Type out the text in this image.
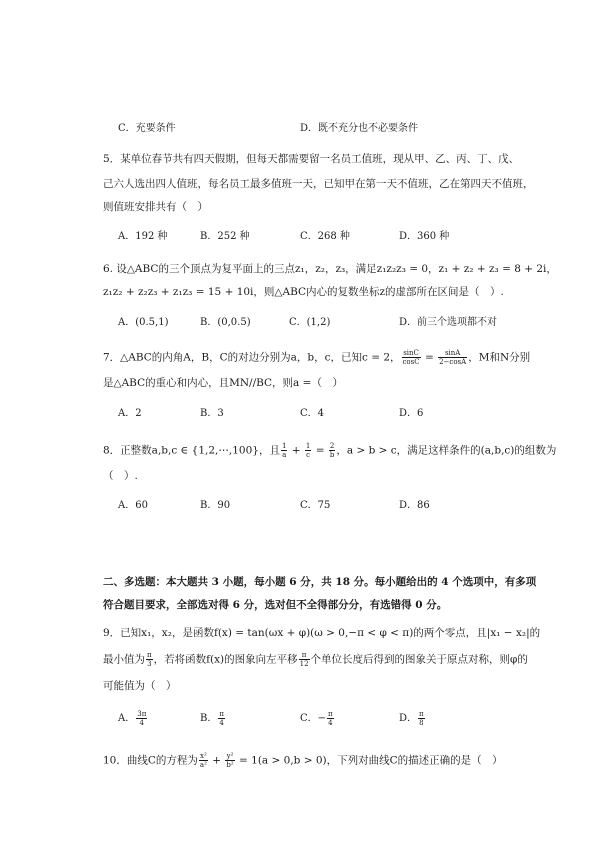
C．充要条件	D．既不充分也不必要条件
5．某单位春节共有四天假期，但每天都需要留一名员工值班，现从甲、乙、丙、丁、戊、
己六人选出四人值班，每名员工最多值班一天，已知甲在第一天不值班，乙在第四天不值班，
则值班安排共有（　）
A．192 种	B．252 种	C．268 种	D．360 种
6. 设△ABC的三个顶点为复平面上的三点z₁，z₂，z₃，满足z₁z₂z₃ = 0，z₁ + z₂ + z₃ = 8 + 2i，
z₁z₂ + z₂z₃ + z₁z₃ = 15 + 10i，则△ABC内心的复数坐标z的虚部所在区间是（　）.
A．(0.5,1)	B．(0,0.5)	C．(1,2)	D．前三个选项都不对
7．△ABC的内角A，B，C的对边分别为a，b，c，已知c = 2， $\frac{\sin C}{\cos C} = \frac{\sin A}{2-\cos A}$ ，M和N分别
是△ABC的重心和内心，且MN//BC，则a =（　）
A．2	B．3	C．4	D．6
8．正整数a,b,c ∈ {1,2,⋯,100}，且 $\frac{1}{a} + \frac{1}{c} = \frac{2}{b}$ ，a > b > c，满足这样条件的(a,b,c)的组数为
（　）.
A．60	B．90	C．75	D．86
二、多选题：本大题共 3 小题，每小题 6 分，共 18 分。每小题给出的 4 个选项中，有多项
符合题目要求，全部选对得 6 分，选对但不全得部分分，有选错得 0 分。
9．已知x₁，x₂，是函数f(x) = tan(ωx + φ)(ω > 0,−π < φ < π)的两个零点，且|x₁ − x₂|的
最小值为 $\frac{\pi}{3}$ ，若将函数f(x)的图象向左平移 $\frac{\pi}{12}$ 个单位长度后得到的图象关于原点对称，则φ的
可能值为（　）
A． $\frac{3\pi}{4}$	B． $\frac{\pi}{4}$	C．− $\frac{\pi}{4}$	D． $\frac{\pi}{8}$
10．曲线C的方程为 $\frac{\text{x²}}{\text{a²}} + \frac{\text{y²}}{\text{b²}} = 1(a > 0,b > 0)$，下列对曲线C的描述正确的是（　）
